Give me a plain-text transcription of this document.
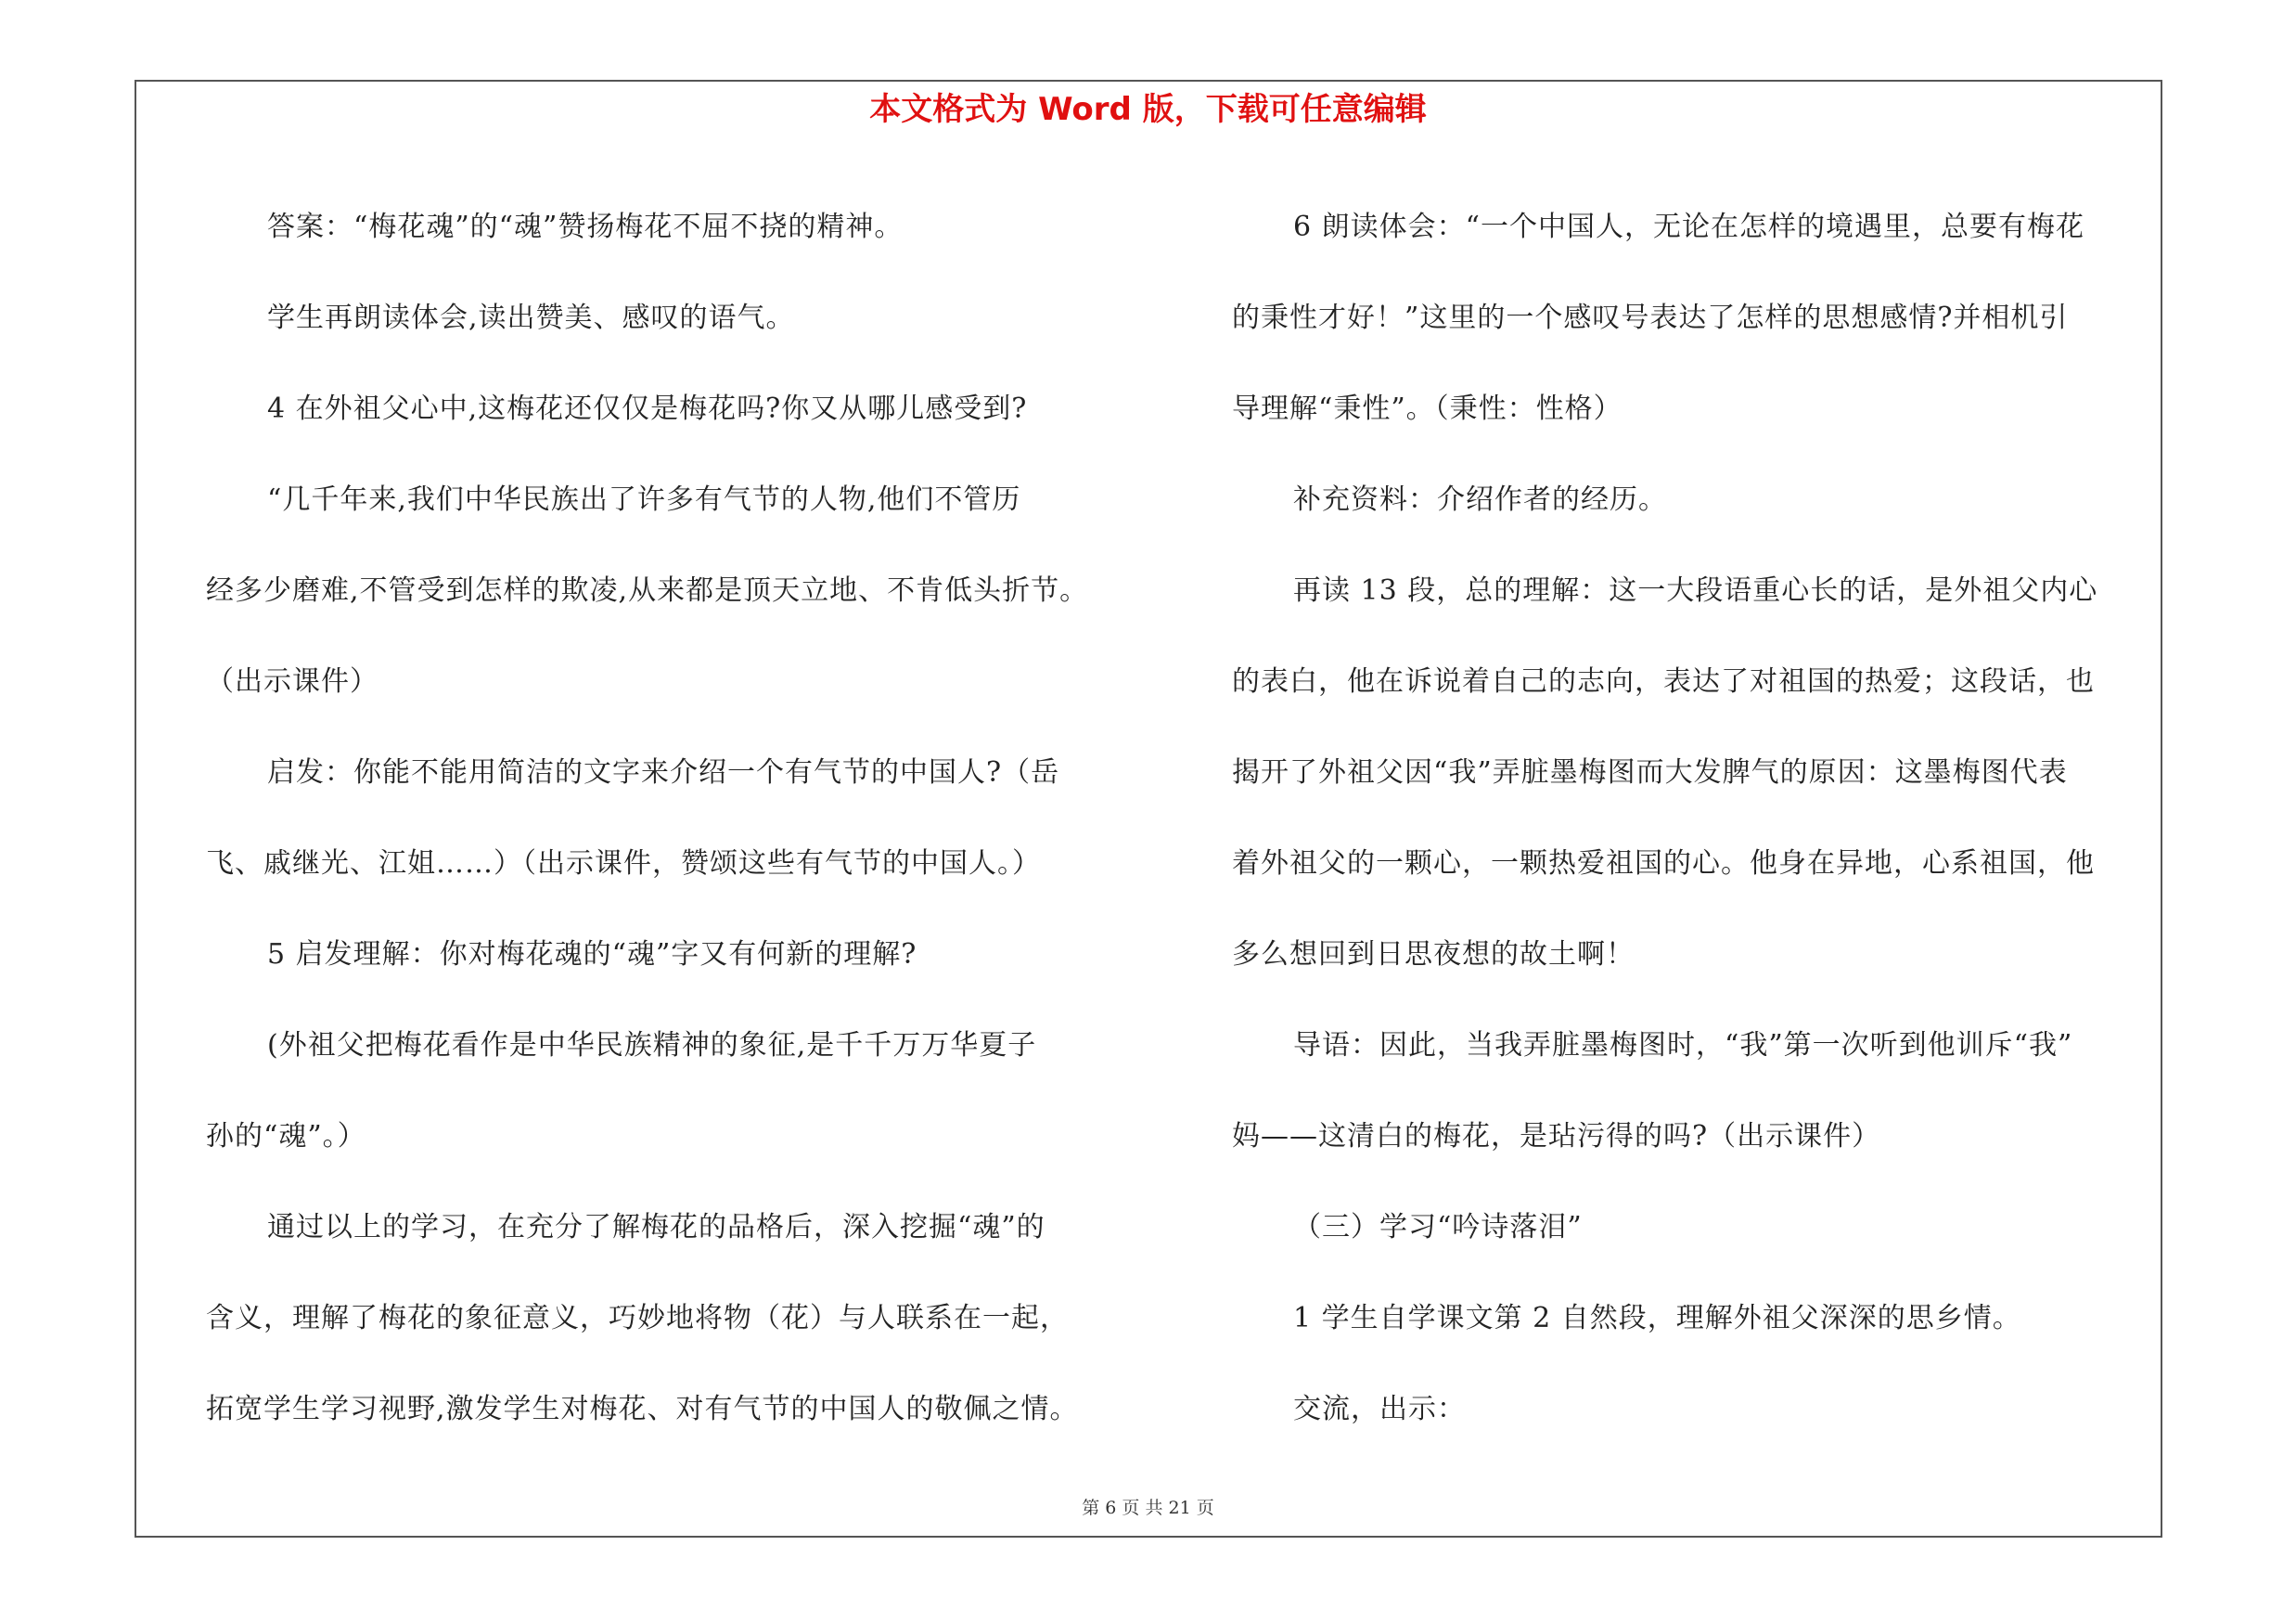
本文格式为 Word 版，下载可任意编辑
答案：“梅花魂”的“魂”赞扬梅花不屈不挠的精神。
学生再朗读体会,读出赞美、感叹的语气。
4 在外祖父心中,这梅花还仅仅是梅花吗?你又从哪儿感受到?
“几千年来,我们中华民族出了许多有气节的人物,他们不管历
经多少磨难,不管受到怎样的欺凌,从来都是顶天立地、不肯低头折节。
（出示课件）
启发：你能不能用简洁的文字来介绍一个有气节的中国人?（岳
飞、戚继光、江姐……）（出示课件，赞颂这些有气节的中国人。）
5 启发理解：你对梅花魂的“魂”字又有何新的理解?
(外祖父把梅花看作是中华民族精神的象征,是千千万万华夏子
孙的“魂”。）
通过以上的学习，在充分了解梅花的品格后，深入挖掘“魂”的
含义，理解了梅花的象征意义，巧妙地将物（花）与人联系在一起，
拓宽学生学习视野,激发学生对梅花、对有气节的中国人的敬佩之情。
6 朗读体会：“一个中国人，无论在怎样的境遇里，总要有梅花
的秉性才好！”这里的一个感叹号表达了怎样的思想感情?并相机引
导理解“秉性”。（秉性：性格）
补充资料：介绍作者的经历。
再读 13 段，总的理解：这一大段语重心长的话，是外祖父内心
的表白，他在诉说着自己的志向，表达了对祖国的热爱；这段话，也
揭开了外祖父因“我”弄脏墨梅图而大发脾气的原因：这墨梅图代表
着外祖父的一颗心，一颗热爱祖国的心。他身在异地，心系祖国，他
多么想回到日思夜想的故土啊！
导语：因此，当我弄脏墨梅图时，“我”第一次听到他训斥“我”
妈——这清白的梅花，是玷污得的吗?（出示课件）
（三）学习“吟诗落泪”
1 学生自学课文第 2 自然段，理解外祖父深深的思乡情。
交流，出示：
第 6 页 共 21 页
